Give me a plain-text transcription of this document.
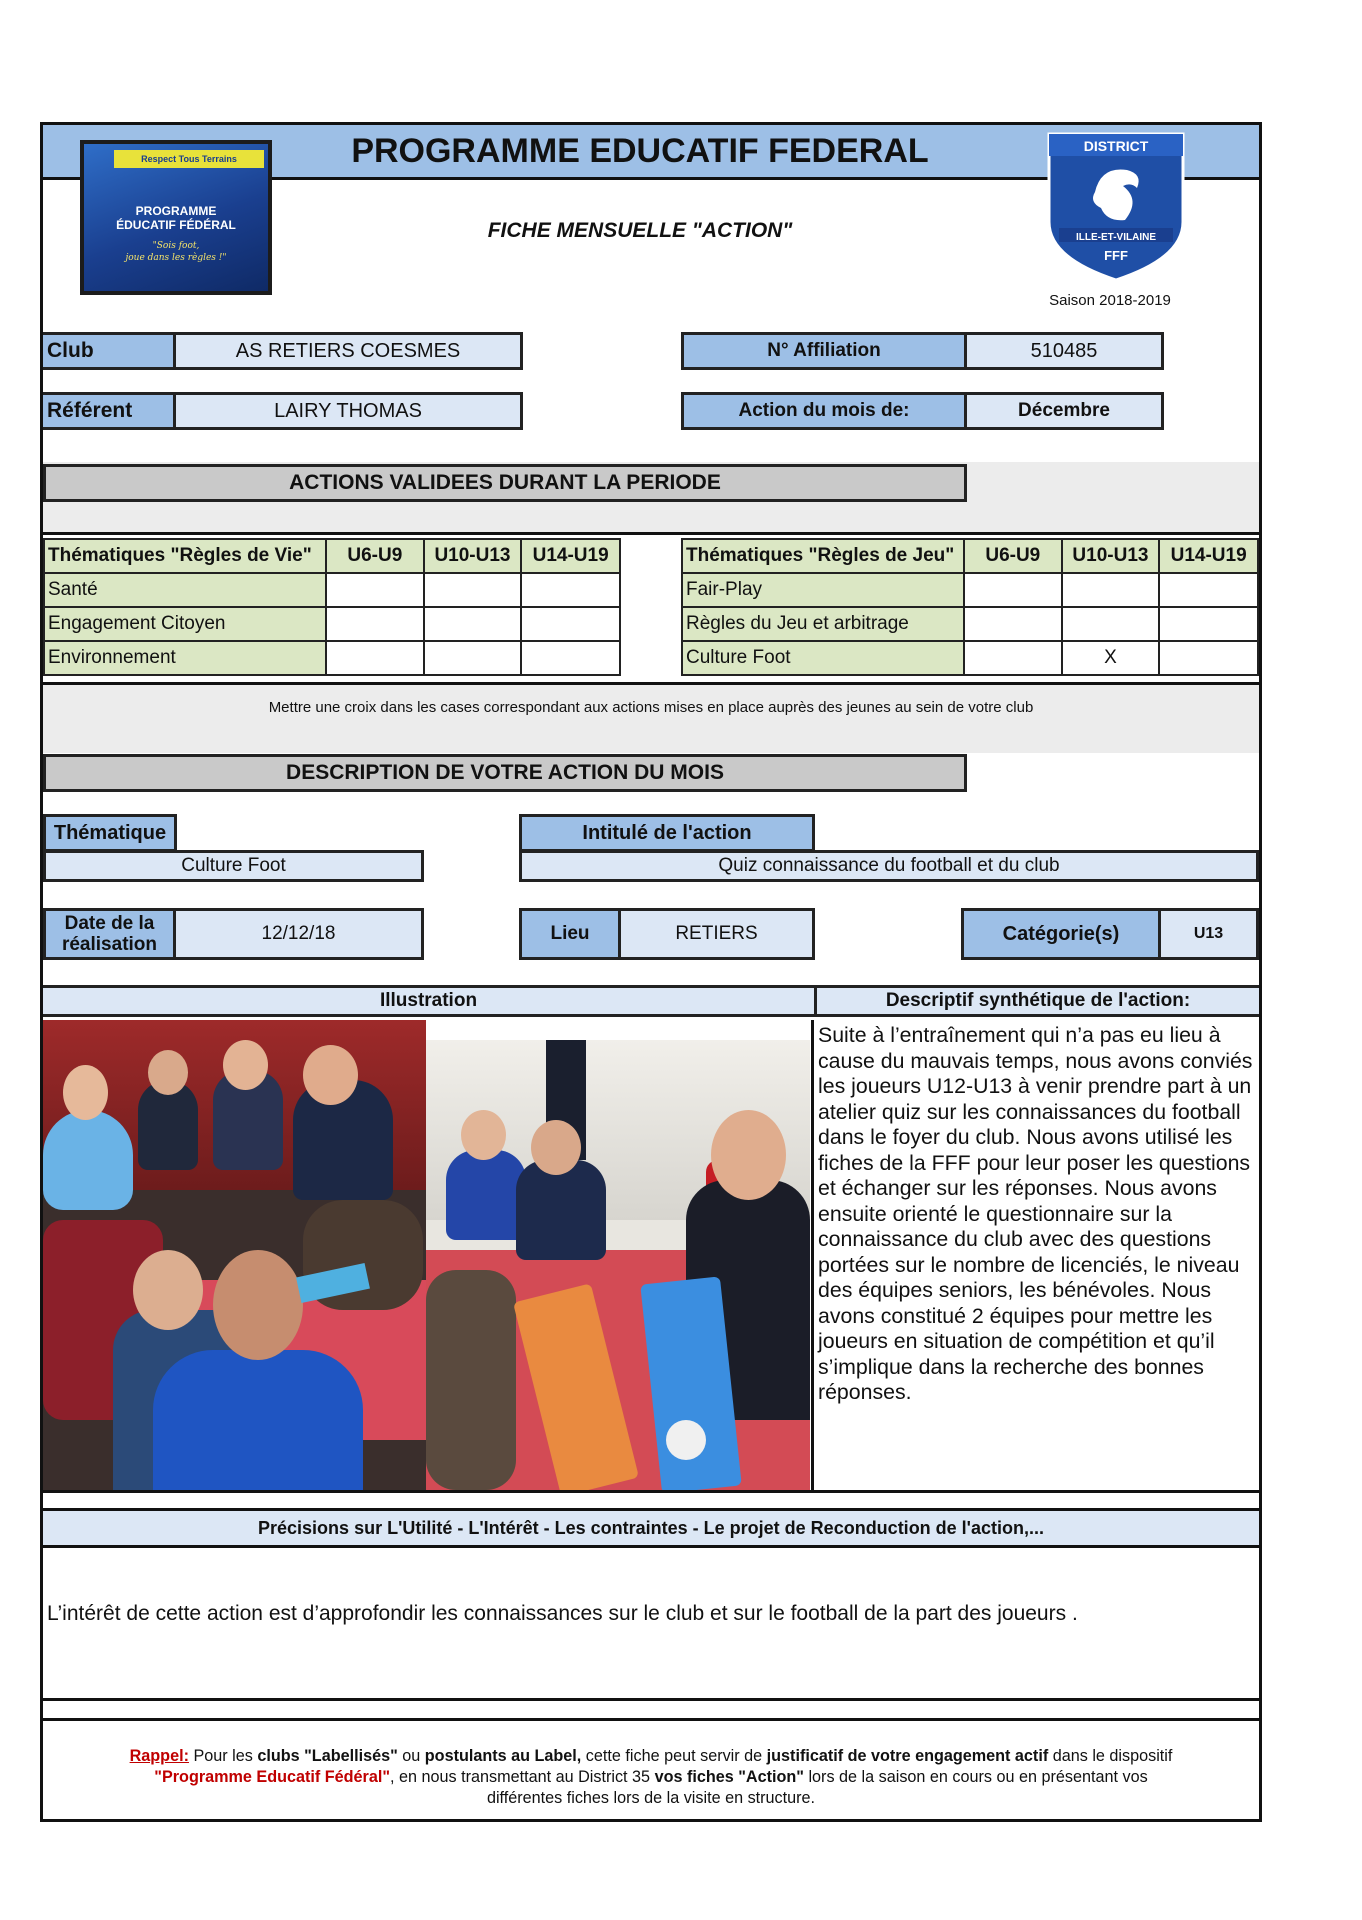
PROGRAMME EDUCATIF FEDERAL
Respect Tous Terrains
PROGRAMME
ÉDUCATIF FÉDÉRAL
"Sois foot,
joue dans les règles !"
FICHE MENSUELLE "ACTION"	ILLE-ET-VILAINE
DISTRICT
FFF
Saison 2018-2019
Club	AS RETIERS COESMES
Référent	LAIRY THOMAS
N° Affiliation	510485
Action du mois de:	Décembre
ACTIONS VALIDEES DURANT LA PERIODE
Thématiques "Règles de Vie"	U6-U9	U10-U13	U14-U19
Santé			
Engagement Citoyen			
Environnement			
Thématiques "Règles de Jeu"	U6-U9	U10-U13	U14-U19
Fair-Play			
Règles du Jeu et arbitrage			
Culture Foot		X	
Mettre une croix dans les cases correspondant aux actions mises en place auprès des jeunes au sein de votre club
DESCRIPTION DE VOTRE ACTION DU MOIS
Thématique
Culture Foot
Intitulé de l'action
Quiz connaissance du football et du club
Date de la
réalisation
12/12/18	Lieu	RETIERS	Catégorie(s)	U13
Illustration	Descriptif synthétique de l'action:
Suite à l’entraînement qui n’a pas eu lieu à cause du mauvais temps, nous avons conviés les joueurs U12-U13 à venir prendre part à un atelier quiz sur les connaissances du football dans le foyer du club. Nous avons utilisé les fiches de la FFF pour leur poser les questions et échanger sur les réponses. Nous avons ensuite orienté le questionnaire sur la connaissance du club avec des questions portées sur le nombre de licenciés, le niveau des équipes seniors, les bénévoles. Nous avons constitué 2 équipes pour mettre les joueurs en situation de compétition et qu’il s’implique dans la recherche des bonnes réponses.
Précisions sur L'Utilité - L'Intérêt - Les contraintes - Le projet de Reconduction de l'action,...
L’intérêt de cette action est d’approfondir les connaissances sur le club et sur le football de la part des joueurs .
Rappel: Pour les clubs "Labellisés" ou postulants au Label, cette fiche peut servir de justificatif de votre engagement actif dans le dispositif
"Programme Educatif Fédéral", en nous transmettant au District 35 vos fiches "Action" lors de la saison en cours ou en présentant vos
différentes fiches lors de la visite en structure.
